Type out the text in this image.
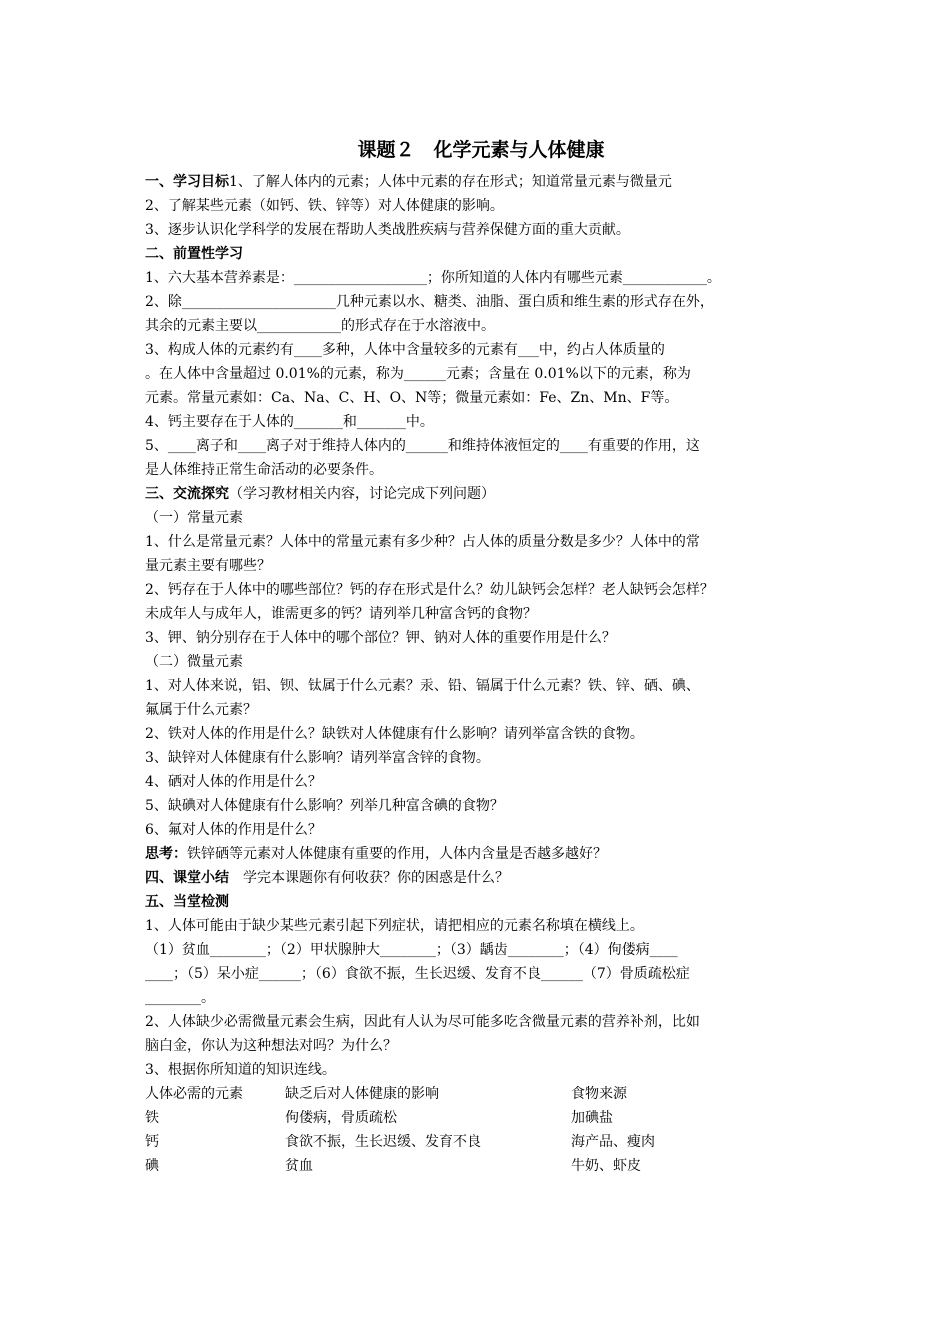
课题２　化学元素与人体健康
一、学习目标1、了解人体内的元素；人体中元素的存在形式；知道常量元素与微量元
2、了解某些元素（如钙、铁、锌等）对人体健康的影响。
3、逐步认识化学科学的发展在帮助人类战胜疾病与营养保健方面的重大贡献。
二、前置性学习
1、六大基本营养素是：___________________；你所知道的人体内有哪些元素____________。
2、除______________________几种元素以水、糖类、油脂、蛋白质和维生素的形式存在外，
其余的元素主要以____________的形式存在于水溶液中。
3、构成人体的元素约有____多种，人体中含量较多的元素有___中，约占人体质量的
。在人体中含量超过 0.01%的元素，称为______元素；含量在 0.01%以下的元素，称为
元素。常量元素如：Ca、Na、C、H、O、N等；微量元素如：Fe、Zn、Mn、F等。
4、钙主要存在于人体的_______和_______中。
5、____离子和____离子对于维持人体内的______和维持体液恒定的____有重要的作用，这
是人体维持正常生命活动的必要条件。
三、交流探究（学习教材相关内容，讨论完成下列问题）
（一）常量元素
1、什么是常量元素？人体中的常量元素有多少种？占人体的质量分数是多少？人体中的常
量元素主要有哪些？
2、钙存在于人体中的哪些部位？钙的存在形式是什么？幼儿缺钙会怎样？老人缺钙会怎样？
未成年人与成年人，谁需更多的钙？请列举几种富含钙的食物？
3、钾、钠分别存在于人体中的哪个部位？钾、钠对人体的重要作用是什么？
（二）微量元素
1、对人体来说，铝、钡、钛属于什么元素？汞、铅、镉属于什么元素？铁、锌、硒、碘、
氟属于什么元素？
2、铁对人体的作用是什么？缺铁对人体健康有什么影响？请列举富含铁的食物。
3、缺锌对人体健康有什么影响？请列举富含锌的食物。
4、硒对人体的作用是什么？
5、缺碘对人体健康有什么影响？列举几种富含碘的食物？
6、氟对人体的作用是什么？
思考：铁锌硒等元素对人体健康有重要的作用，人体内含量是否越多越好？
四、课堂小结　学完本课题你有何收获？你的困惑是什么？
五、当堂检测
1、人体可能由于缺少某些元素引起下列症状，请把相应的元素名称填在横线上。
（1）贫血________；（2）甲状腺肿大________；（3）龋齿________；（4）佝偻病____
____；（5）呆小症______；（6）食欲不振，生长迟缓、发育不良______（7）骨质疏松症
________。
2、人体缺少必需微量元素会生病，因此有人认为尽可能多吃含微量元素的营养补剂，比如
脑白金，你认为这种想法对吗？为什么？
3、根据你所知道的知识连线。
人体必需的元素	缺乏后对人体健康的影响	食物来源
铁	佝偻病，骨质疏松	加碘盐
钙	食欲不振，生长迟缓、发育不良	海产品、瘦肉
碘	贫血	牛奶、虾皮
